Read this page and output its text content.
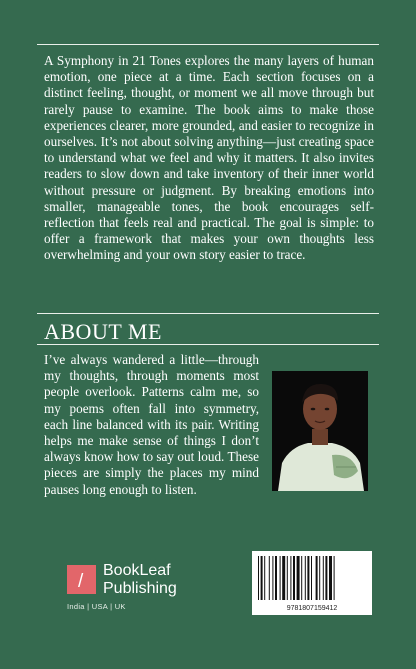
A Symphony in 21 Tones explores the many layers of human emotion, one piece at a time. Each section focuses on a distinct feeling, thought, or moment we all move through but rarely pause to examine. The book aims to make those experiences clearer, more grounded, and easier to recognize in ourselves. It’s not about solving anything—just creating space to understand what we feel and why it matters. It also invites readers to slow down and take inventory of their inner world without pressure or judgment. By breaking emotions into smaller, manageable tones, the book encourages self-reflection that feels real and practical. The goal is simple: to offer a framework that makes your own thoughts less overwhelming and your own story easier to trace.

ABOUT ME

I’ve always wandered a little—through my thoughts, through moments most people overlook. Patterns calm me, so my poems often fall into symmetry, each line balanced with its pair. Writing helps me make sense of things I don’t always know how to say out loud. These pieces are simply the places my mind pauses long enough to listen.

/
BookLeaf
Publishing
India | USA | UK	9781807159412
